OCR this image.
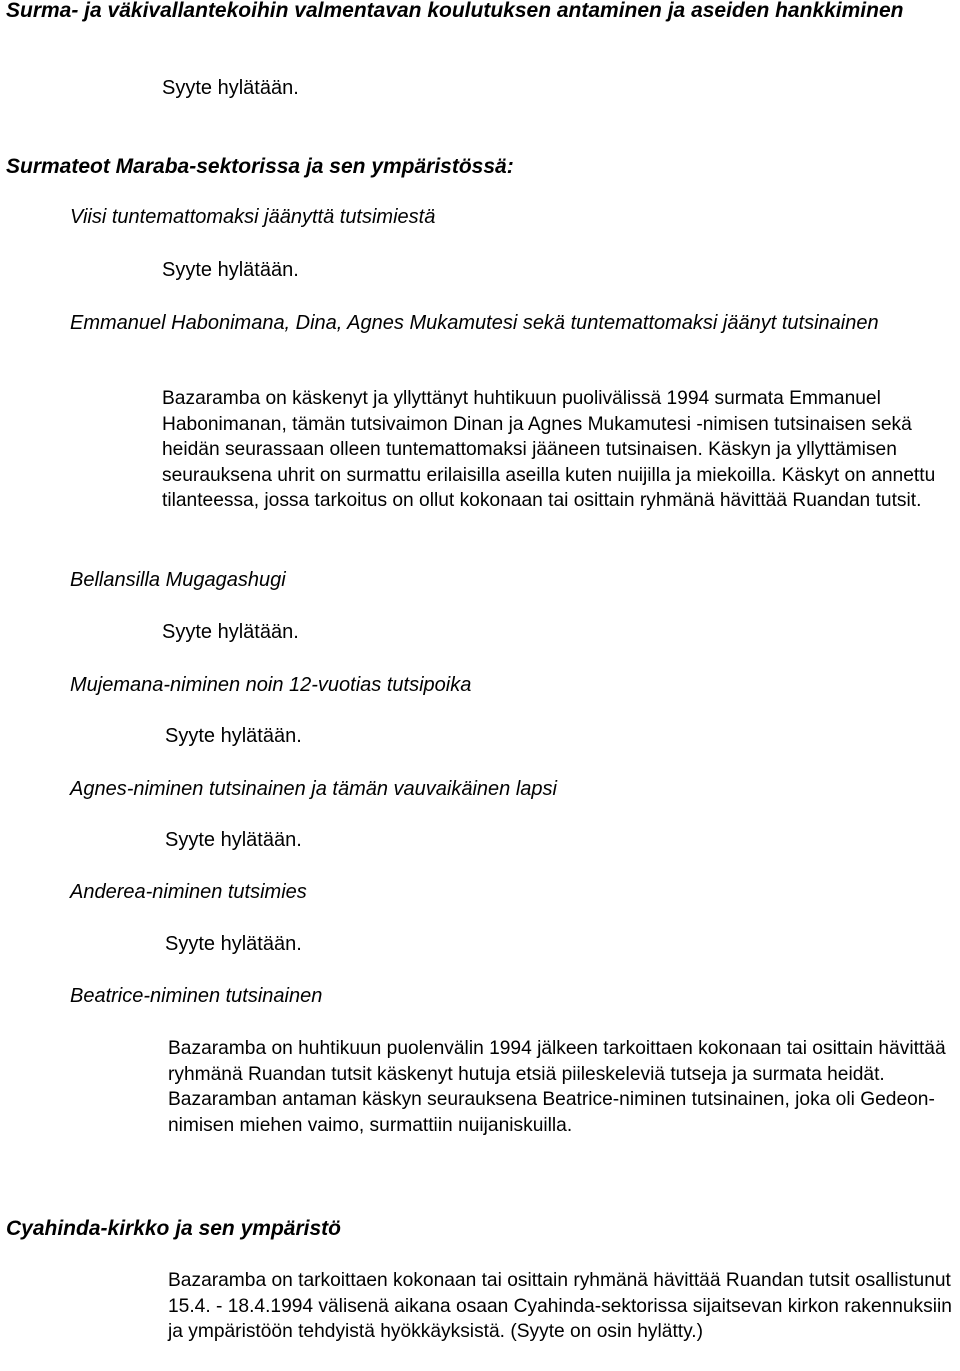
Surma- ja väkivallantekoihin valmentavan koulutuksen antaminen ja aseiden hankkiminen
Syyte hylätään.
Surmateot Maraba-sektorissa ja sen ympäristössä:
Viisi tuntemattomaksi jäänyttä tutsimiestä
Syyte hylätään.
Emmanuel Habonimana, Dina, Agnes Mukamutesi sekä tuntemattomaksi jäänyt tutsinainen
Bazaramba on käskenyt ja yllyttänyt huhtikuun puolivälissä 1994 surmata Emmanuel Habonimanan, tämän tutsivaimon Dinan ja Agnes Mukamutesi -nimisen tutsinaisen sekä heidän seurassaan olleen tuntemattomaksi jääneen tutsinaisen. Käskyn ja yllyttämisen seurauksena uhrit on surmattu erilaisilla aseilla kuten nuijilla ja miekoilla. Käskyt on annettu tilanteessa, jossa tarkoitus on ollut kokonaan tai osittain ryhmänä hävittää Ruandan tutsit.
Bellansilla Mugagashugi
Syyte hylätään.
Mujemana-niminen noin 12-vuotias tutsipoika
Syyte hylätään.
Agnes-niminen tutsinainen ja tämän vauvaikäinen lapsi
Syyte hylätään.
Anderea-niminen tutsimies
Syyte hylätään.
Beatrice-niminen tutsinainen
Bazaramba on huhtikuun puolenvälin 1994 jälkeen tarkoittaen kokonaan tai osittain hävittää ryhmänä Ruandan tutsit käskenyt hutuja etsiä piileskeleviä tutseja ja surmata heidät. Bazaramban antaman käskyn seurauksena Beatrice-niminen tutsinainen, joka oli Gedeon-nimisen miehen vaimo, surmattiin nuijaniskuilla.
Cyahinda-kirkko ja sen ympäristö
Bazaramba on tarkoittaen kokonaan tai osittain ryhmänä hävittää Ruandan tutsit osallistunut 15.4. - 18.4.1994 välisenä aikana osaan Cyahinda-sektorissa sijaitsevan kirkon rakennuksiin ja ympäristöön tehdyistä hyökkäyksistä. (Syyte on osin hylätty.)
